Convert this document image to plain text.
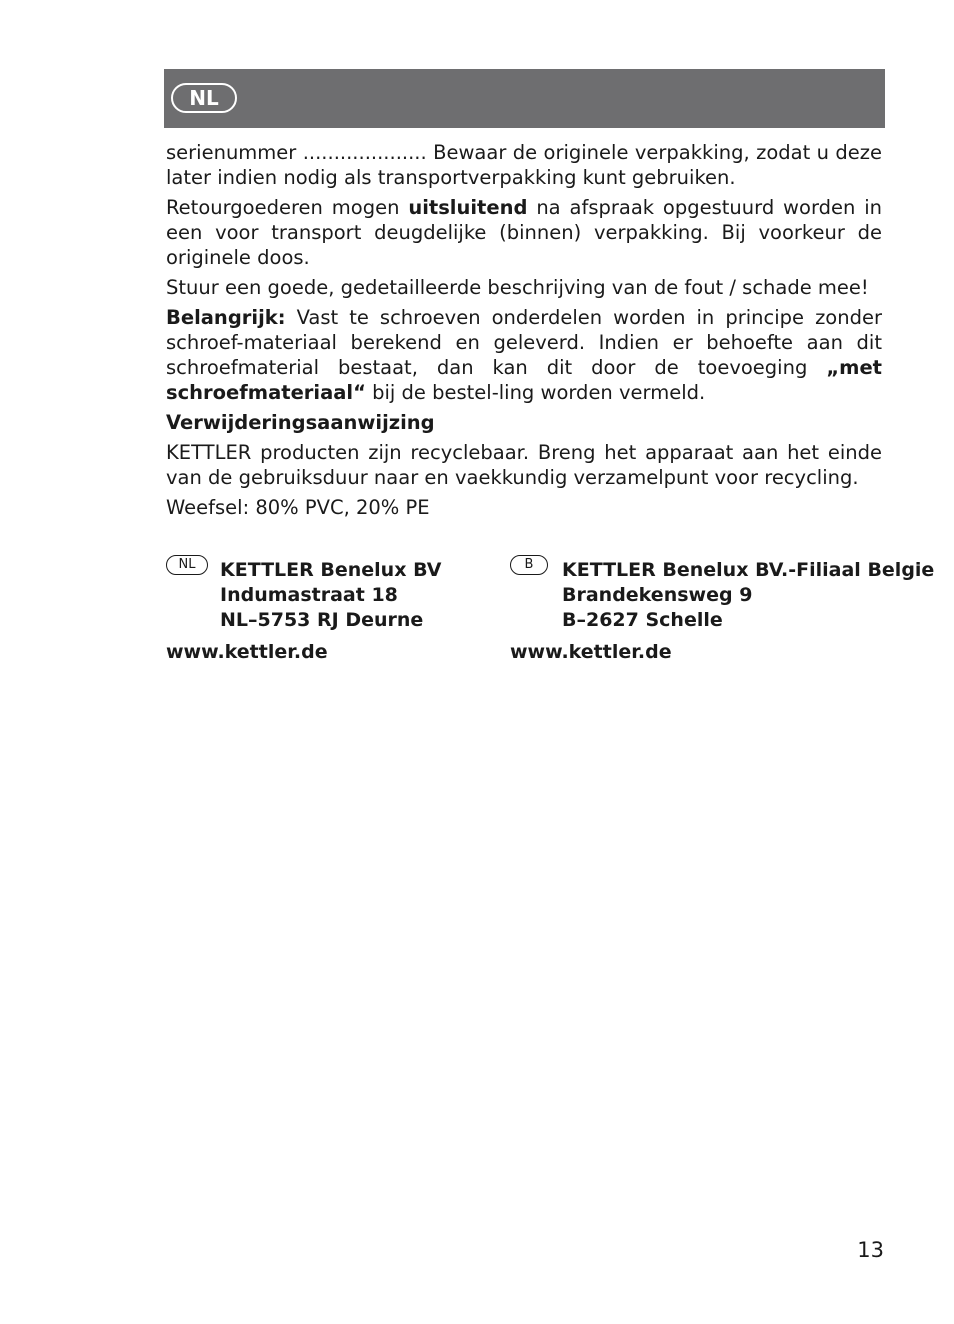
NL

serienummer .................... Bewaar de originele verpakking, zodat u deze later indien nodig als transportverpakking kunt gebruiken.

Retourgoederen mogen uitsluitend na afspraak opgestuurd worden in een voor transport deugdelijke (binnen) verpakking. Bij voorkeur de originele doos.

Stuur een goede, gedetailleerde beschrijving van de fout / schade mee!

Belangrijk: Vast te schroeven onderdelen worden in principe zonder schroef-materiaal berekend en geleverd. Indien er behoefte aan dit schroefmaterial bestaat, dan kan dit door de toevoeging „met schroefmateriaal“ bij de bestel-ling worden vermeld.

Verwijderingsaanwijzing

KETTLER producten zijn recyclebaar. Breng het apparaat aan het einde van de gebruiksduur naar en vaekkundig verzamelpunt voor recycling.

Weefsel: 80% PVC, 20% PE

NL	KETTLER Benelux BV
Indumastraat 18
NL–5753 RJ Deurne
www.kettler.de
B	KETTLER Benelux BV.-Filiaal Belgie
Brandekensweg 9
B–2627 Schelle
www.kettler.de
13
